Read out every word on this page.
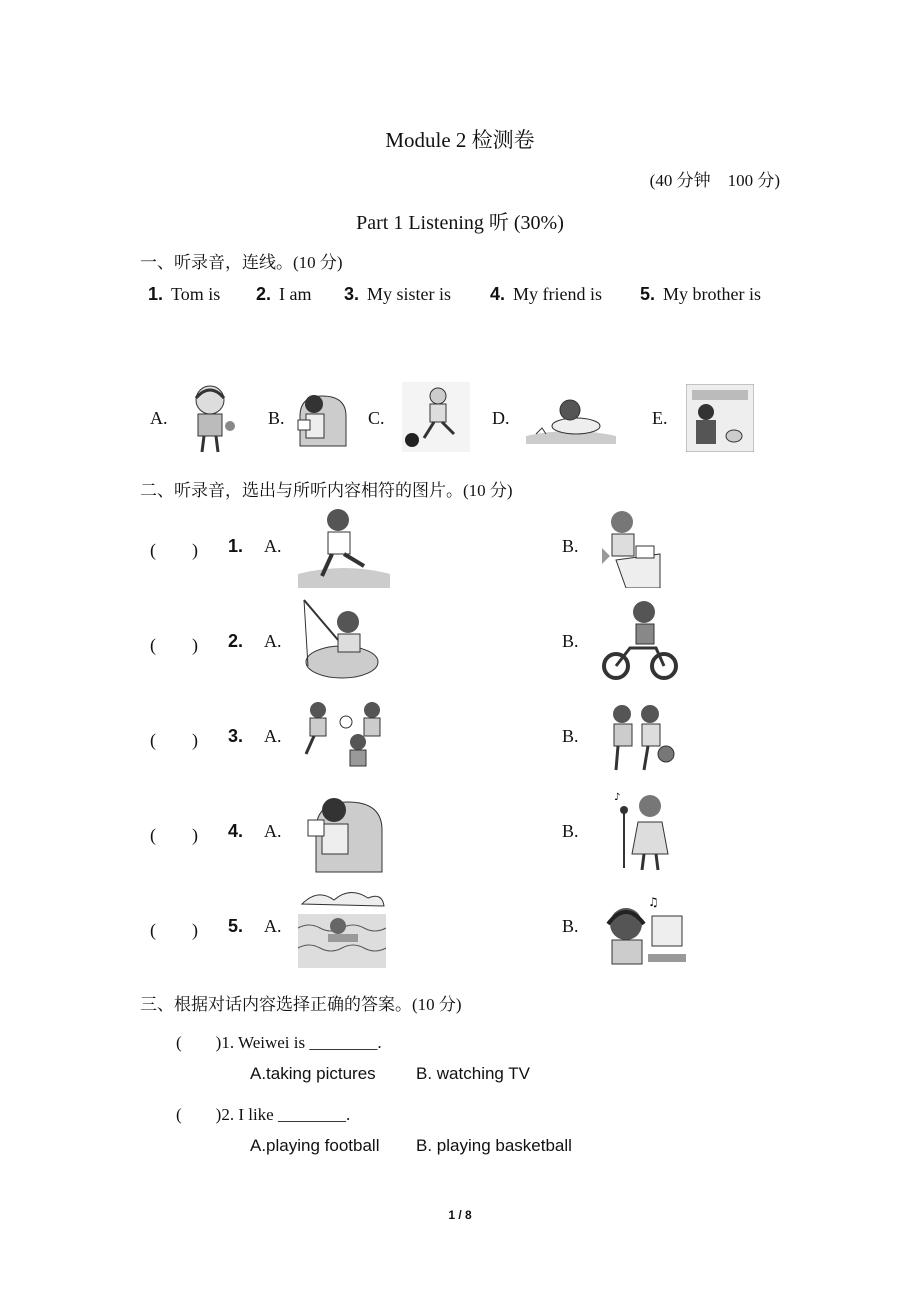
Module 2 检测卷
(40 分钟　100 分)
Part 1 Listening 听 (30%)
一、听录音，连线。(10 分)
1. Tom is 2. I am 3. My sister is 4. My friend is 5. My brother is
A.	B.	C.	D.	E.
二、听录音，选出与所听内容相符的图片。(10 分)
(　　) 1. A.	B.
(　　) 2. A.	B.
(　　) 3. A.	B.
(　　) 4. A.	B.
♪
(　　) 5. A.	B.
♫
三、根据对话内容选择正确的答案。(10 分)
(　　)1. Weiwei is ________.
A.taking pictures B. watching TV
(　　)2. I like ________.
A.playing football B. playing basketball
1 / 8
